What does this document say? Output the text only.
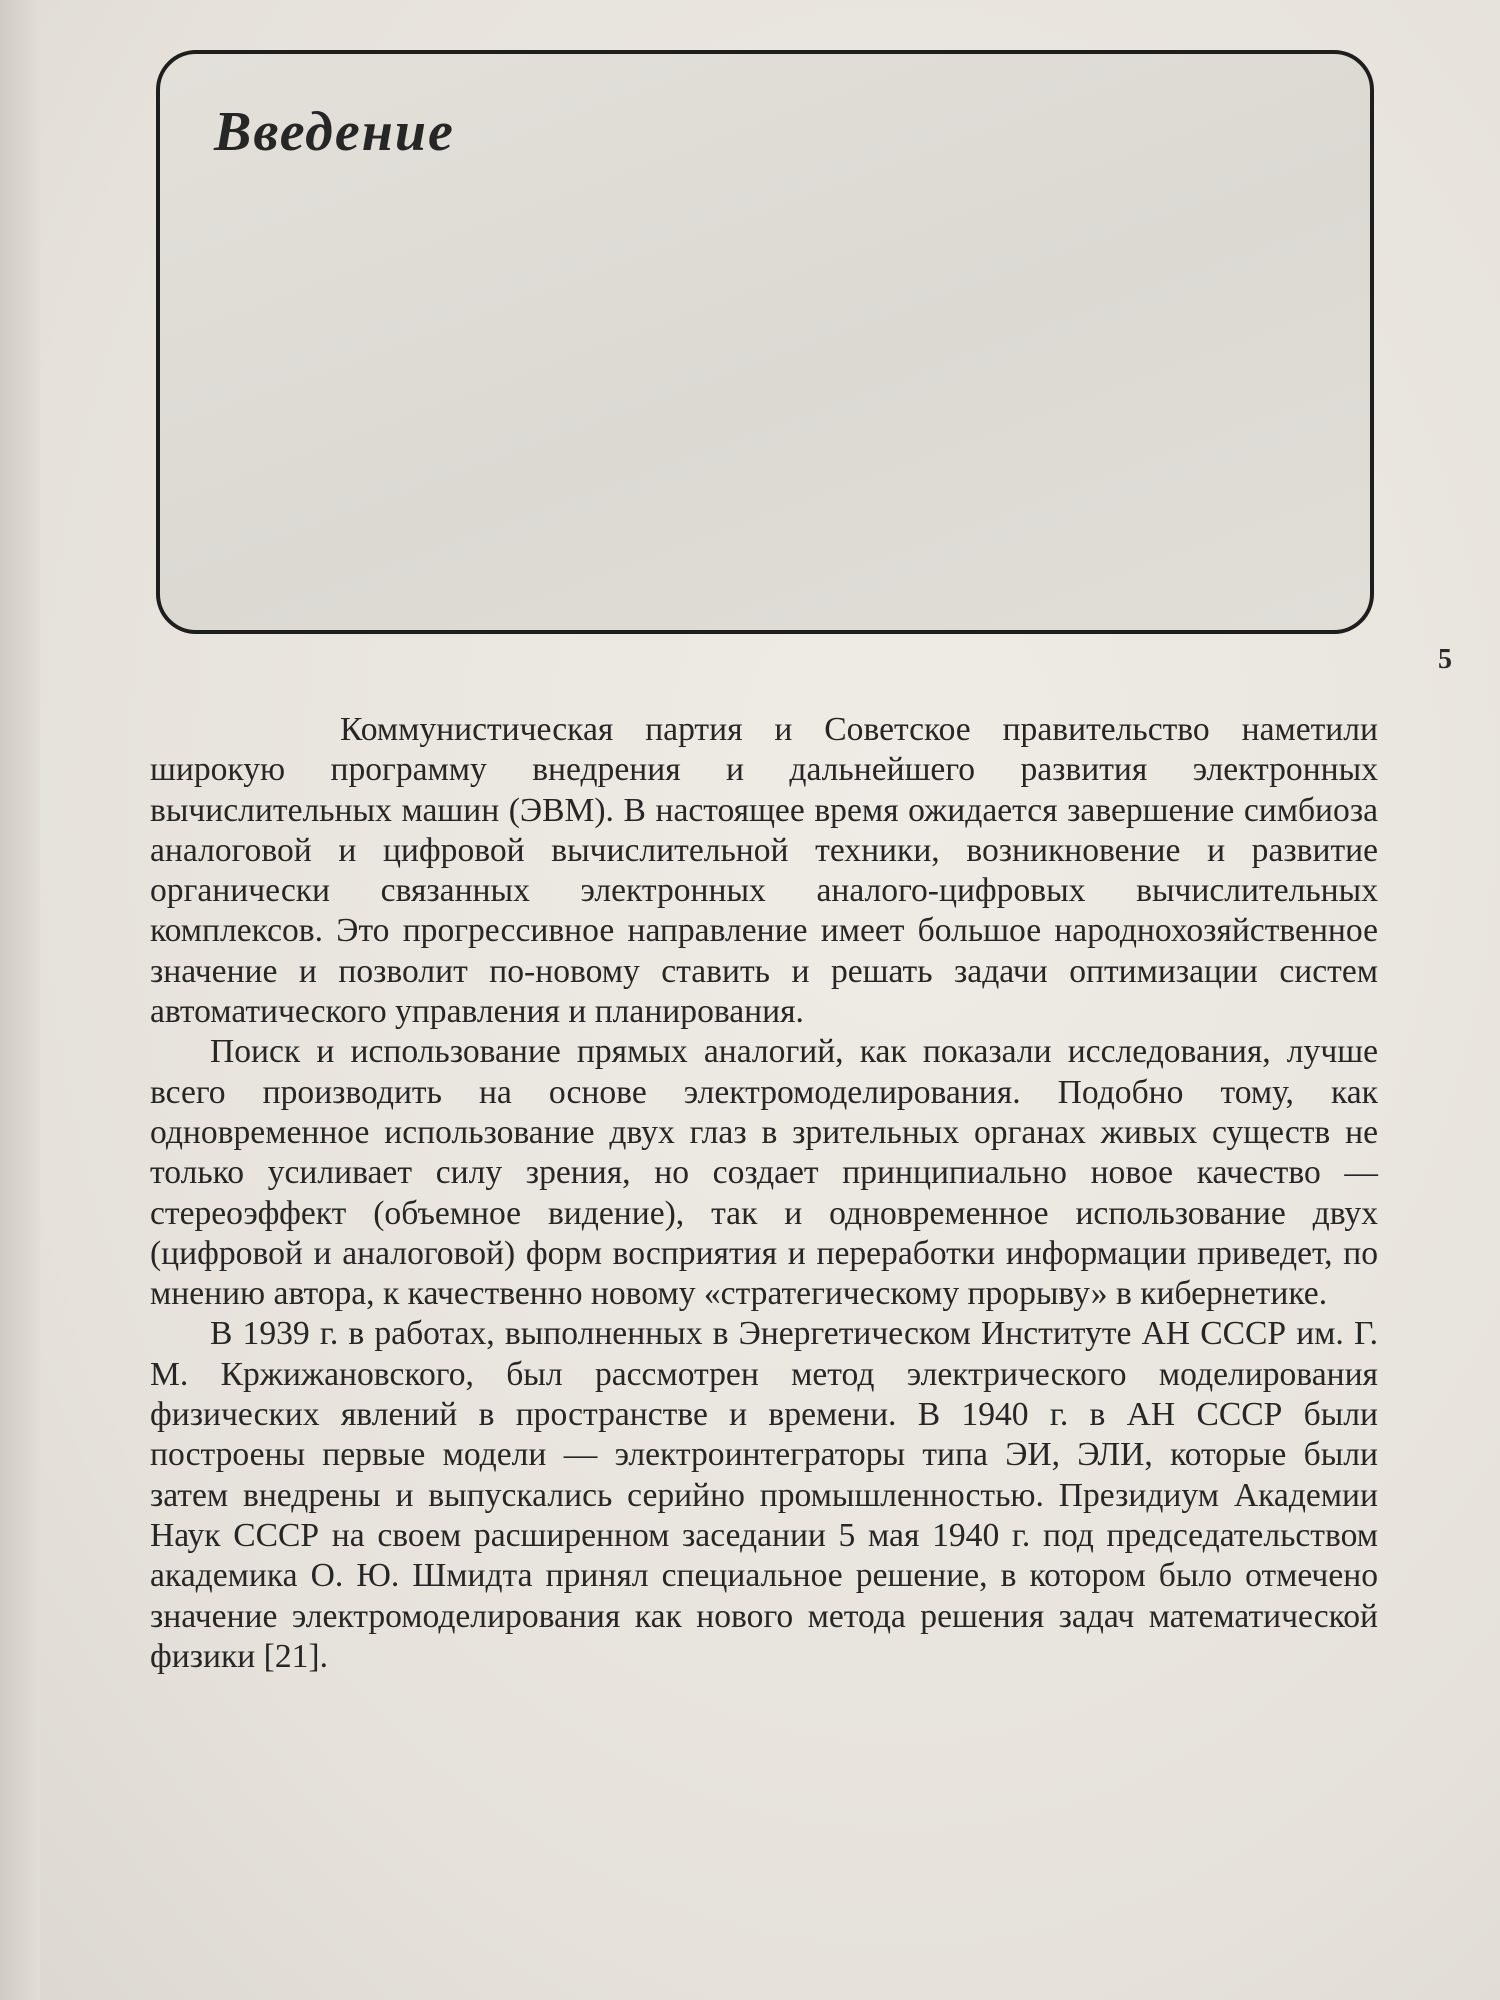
Введение
5

Коммунистическая партия и Советское правительство наметили широкую программу внедрения и дальнейшего развития электронных вычислительных машин (ЭВМ). В настоящее время ожидается завершение симбиоза аналоговой и цифровой вычислительной техники, возникновение и развитие органически связанных электронных аналого-цифровых вычислительных комплексов. Это прогрессивное направление имеет большое народнохозяйственное значение и позволит по-новому ставить и решать задачи оптимизации систем автоматического управления и планирования.

Поиск и использование прямых аналогий, как показали исследования, лучше всего производить на основе электромоделирования. Подобно тому, как одновременное использование двух глаз в зрительных органах живых существ не только усиливает силу зрения, но создает принципиально новое качество — стереоэффект (объемное видение), так и одновременное использование двух (цифровой и аналоговой) форм восприятия и переработки информации приведет, по мнению автора, к качественно новому «стратегическому прорыву» в кибернетике.

В 1939 г. в работах, выполненных в Энергетическом Институте АН СССР им. Г. М. Кржижановского, был рассмотрен метод электрического моделирования физических явлений в пространстве и времени. В 1940 г. в АН СССР были построены первые модели — электроинтеграторы типа ЭИ, ЭЛИ, которые были затем внедрены и выпускались серийно промышленностью. Президиум Академии Наук СССР на своем расширенном заседании 5 мая 1940 г. под председательством академика О. Ю. Шмидта принял специальное решение, в котором было отмечено значение электромоделирования как нового метода решения задач математической физики [21].
